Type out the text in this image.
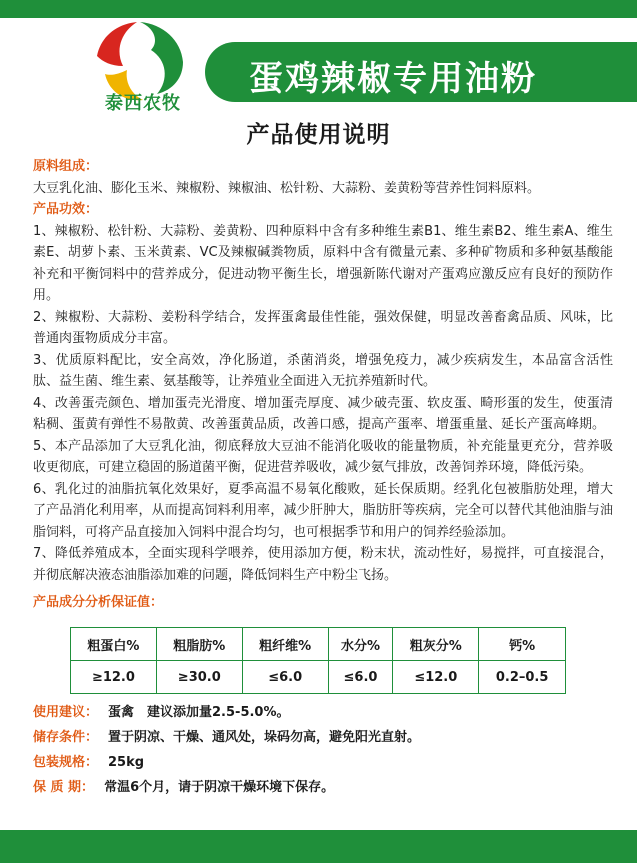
泰西农牧
蛋鸡辣椒专用油粉
产品使用说明
原料组成：

大豆乳化油、膨化玉米、辣椒粉、辣椒油、松针粉、大蒜粉、姜黄粉等营养性饲料原料。

产品功效：

1、辣椒粉、松针粉、大蒜粉、姜黄粉、四种原料中含有多种维生素B1、维生素B2、维生素A、维生素E、胡萝卜素、玉米黄素、VC及辣椒碱粪物质，原料中含有微量元素、多种矿物质和多种氨基酸能补充和平衡饲料中的营养成分，促进动物平衡生长，增强新陈代谢对产蛋鸡应激反应有良好的预防作用。

2、辣椒粉、大蒜粉、姜粉科学结合，发挥蛋禽最佳性能，强效保健，明显改善畜禽品质、风味，比普通肉蛋物质成分丰富。

3、优质原料配比，安全高效，净化肠道，杀菌消炎，增强免疫力，减少疾病发生，本品富含活性肽、益生菌、维生素、氨基酸等，让养殖业全面进入无抗养殖新时代。

4、改善蛋壳颜色、增加蛋壳光滑度、增加蛋壳厚度、减少破壳蛋、软皮蛋、畸形蛋的发生，使蛋清粘稠、蛋黄有弹性不易散黄、改善蛋黄品质，改善口感，提高产蛋率、增蛋重量、延长产蛋高峰期。

5、本产品添加了大豆乳化油，彻底释放大豆油不能消化吸收的能量物质，补充能量更充分，营养吸收更彻底，可建立稳固的肠道菌平衡，促进营养吸收，减少氨气排放，改善饲养环境，降低污染。

6、乳化过的油脂抗氧化效果好，夏季高温不易氧化酸败，延长保质期。经乳化包被脂肪处理，增大了产品消化利用率，从而提高饲料利用率，减少肝肿大，脂肪肝等疾病，完全可以替代其他油脂与油脂饲料，可将产品直接加入饲料中混合均匀，也可根据季节和用户的饲养经验添加。

7、降低养殖成本，全面实现科学喂养，使用添加方便，粉末状，流动性好，易搅拌，可直接混合，并彻底解决液态油脂添加难的问题，降低饲料生产中粉尘飞扬。

产品成分分析保证值：
粗蛋白%	粗脂肪%	粗纤维%	水分%	粗灰分%	钙%
≥12.0	≥30.0	≤6.0	≤6.0	≤12.0	0.2–0.5
使用建议： 蛋禽　建议添加量2.5-5.0%。
储存条件： 置于阴凉、干燥、通风处，垛码勿高，避免阳光直射。
包装规格： 25kg
保 质 期： 常温6个月，请于阴凉干燥环境下保存。
